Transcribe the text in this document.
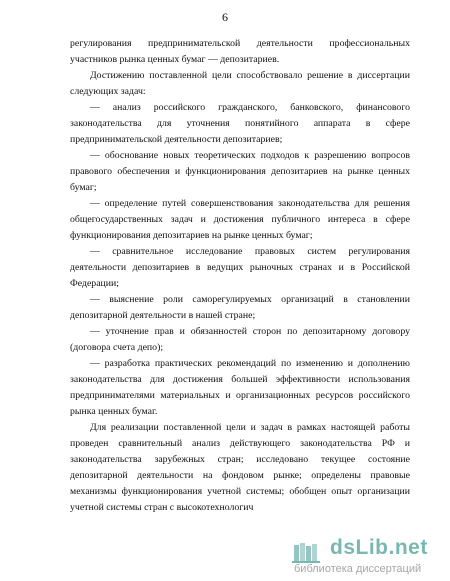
6

регулирования предпринимательской деятельности профессиональных участников рынка ценных бумаг — депозитариев.

Достижению поставленной цели способствовало решение в диссертации следующих задач:

— анализ российского гражданского, банковского, финансового законодательства для уточнения понятийного аппарата в сфере предпринимательской деятельности депозитариев;

— обоснование новых теоретических подходов к разрешению вопросов правового обеспечения и функционирования депозитариев на рынке ценных бумаг;

— определение путей совершенствования законодательства для решения общегосударственных задач и достижения публичного интереса в сфере функционирования депозитариев на рынке ценных бумаг;

— сравнительное исследование правовых систем регулирования деятельности депозитариев в ведущих рыночных странах и в Российской Федерации;

— выяснение роли саморегулируемых организаций в становлении депозитарной деятельности в нашей стране;

— уточнение прав и обязанностей сторон по депозитарному договору (договора счета депо);

— разработка практических рекомендаций по изменению и дополнению законодательства для достижения большей эффективности использования предпринимателями материальных и организационных ресурсов российского рынка ценных бумаг.

Для реализации поставленной цели и задач в рамках настоящей работы проведен сравнительный анализ действующего законодательства РФ и законодательства зарубежных стран; исследовано текущее состояние депозитарной деятельности на фондовом рынке; определены правовые механизмы функционирования учетной системы; обобщен опыт организации учетной системы стран с высокотехнологич

dsLib.net
библиотека диссертаций
